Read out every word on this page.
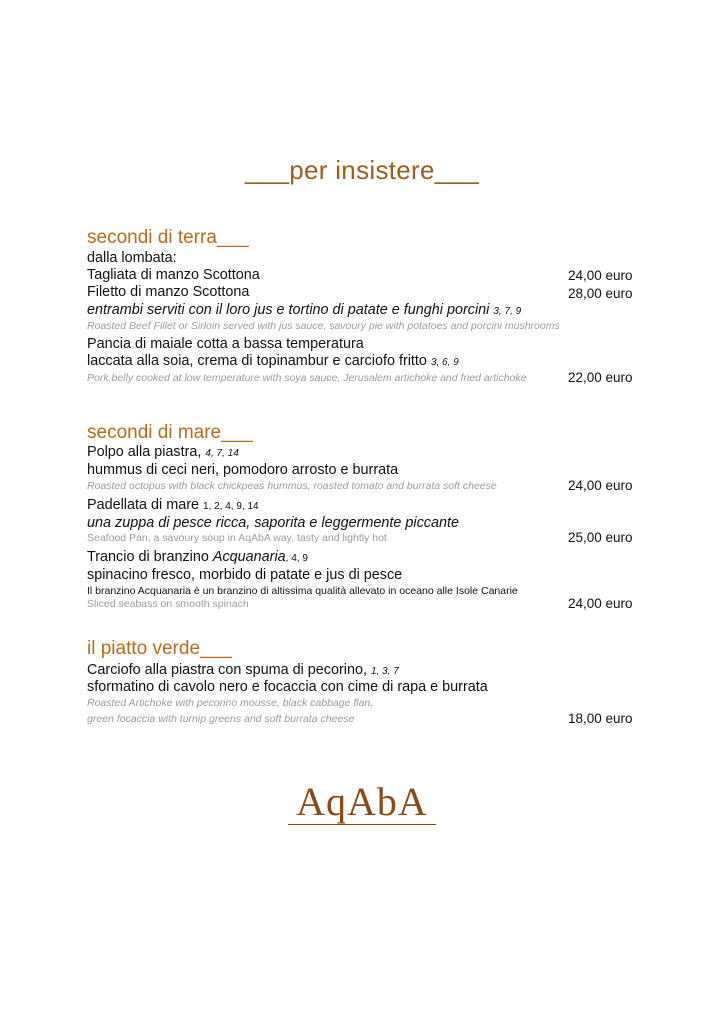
___per insistere___
secondi di terra___
dalla lombata:
Tagliata di manzo Scottona	24,00 euro
Filetto di manzo Scottona	28,00 euro
entrambi serviti con il loro jus e tortino di patate e funghi porcini 3, 7, 9
Roasted Beef Fillet or Sirloin served with jus sauce, savoury pie with potatoes and porcini mushrooms
Pancia di maiale cotta a bassa temperatura
laccata alla soia, crema di topinambur e carciofo fritto 3, 6, 9
Pork belly cooked at low temperature with soya sauce, Jerusalem artichoke and fried artichoke	22,00 euro
secondi di mare___
Polpo alla piastra, 4, 7, 14
hummus di ceci neri, pomodoro arrosto e burrata
Roasted octopus with black chickpeas hummus, roasted tomato and burrata soft cheese	24,00 euro
Padellata di mare 1, 2, 4, 9, 14
una zuppa di pesce ricca, saporita e leggermente piccante
Seafood Pan, a savoury soup in AqAbA way, tasty and lightly hot	25,00 euro
Trancio di branzino Acquanaria, 4, 9
spinacino fresco, morbido di patate e jus di pesce
Il branzino Acquanaria è un branzino di altissima qualità allevato in oceano alle Isole Canarie
Sliced seabass on smooth spinach	24,00 euro
il piatto verde___
Carciofo alla piastra con spuma di pecorino, 1, 3, 7
sformatino di cavolo nero e focaccia con cime di rapa e burrata
Roasted Artichoke with pecorino mousse, black cabbage flan,
green focaccia with turnip greens and soft burrata cheese	18,00 euro
AqAbA
